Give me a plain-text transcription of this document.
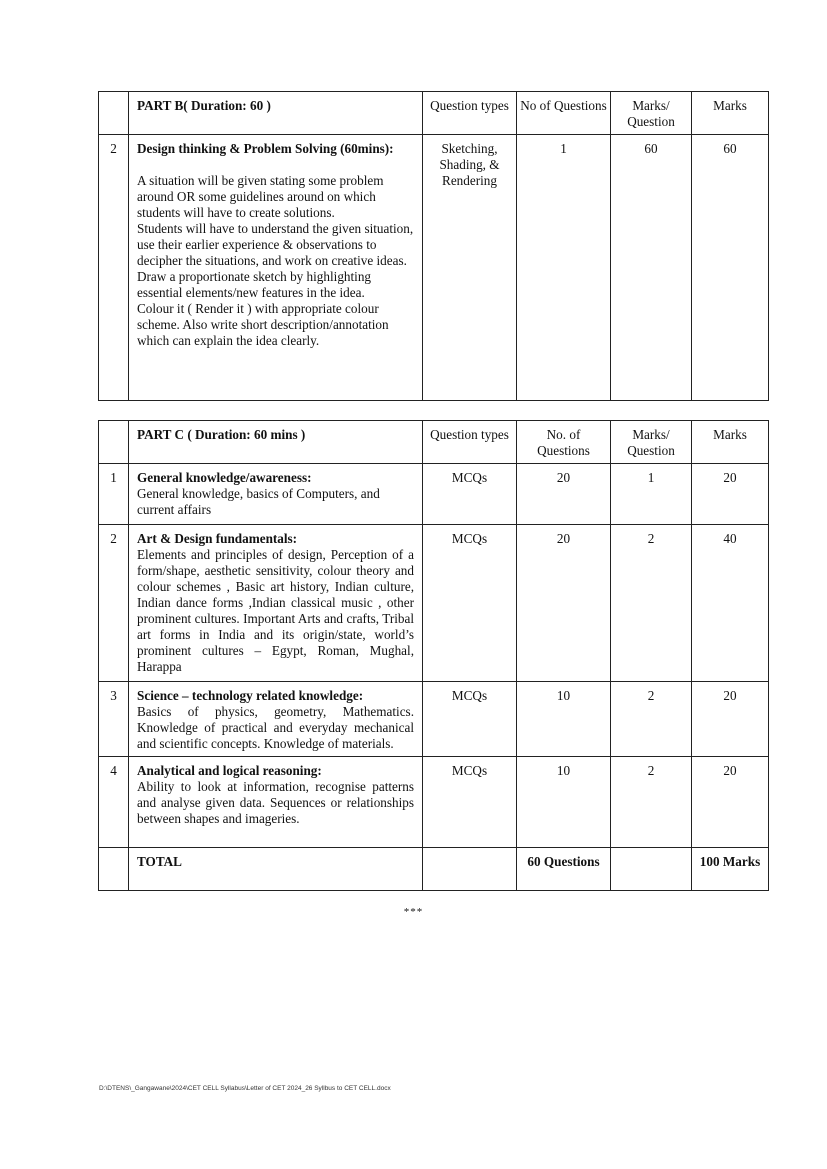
	PART B( Duration: 60 )	Question types	No of Questions	Marks/ Question	Marks
2	Design thinking & Problem Solving (60mins):
A situation will be given stating some problem around OR some guidelines around on which students will have to create solutions.
Students will have to understand the given situation, use their earlier experience & observations to decipher the situations, and work on creative ideas.
Draw a proportionate sketch by highlighting essential elements/new features in the idea.
Colour it ( Render it ) with appropriate colour scheme. Also write short description/annotation which can explain the idea clearly.	Sketching, Shading, & Rendering	1	60	60
	PART C ( Duration: 60 mins )	Question types	No. of Questions	Marks/ Question	Marks
1	General knowledge/awareness:
General knowledge, basics of Computers, and current affairs	MCQs	20	1	20
2	Art & Design fundamentals:
Elements and principles of design, Perception of a form/shape, aesthetic sensitivity, colour theory and colour schemes , Basic art history, Indian culture, Indian dance forms ,Indian classical music , other prominent cultures. Important Arts and crafts, Tribal art forms in India and its origin/state, world’s prominent cultures – Egypt, Roman, Mughal, Harappa	MCQs	20	2	40
3	Science – technology related knowledge:
Basics of physics, geometry, Mathematics. Knowledge of practical and everyday mechanical and scientific concepts. Knowledge of materials.	MCQs	10	2	20
4	Analytical and logical reasoning:
Ability to look at information, recognise patterns and analyse given data. Sequences or relationships between shapes and imageries.	MCQs	10	2	20
	TOTAL		60 Questions		100 Marks
***
D:\DTENS\_Gangawane\2024\CET CELL Syllabus\Letter of CET 2024_26 Syllbus to CET CELL.docx
